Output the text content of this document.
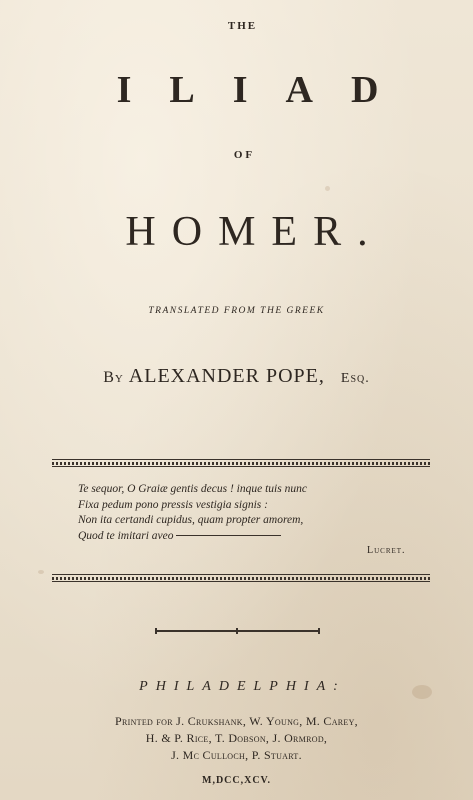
THE
ILIAD
OF
HOMER.
TRANSLATED FROM THE GREEK
By ALEXANDER POPE, Esq.
Te sequor, O Graiæ gentis decus ! inque tuis nunc
Fixa pedum pono pressis vestigia signis :
Non ita certandi cupidus, quam propter amorem,
Quod te imitari aveo
Lucret.
PHILADELPHIA:
Printed for J. Crukshank, W. Young, M. Carey,
H. & P. Rice, T. Dobson, J. Ormrod,
J. Mc Culloch, P. Stuart.
M,DCC,XCV.
